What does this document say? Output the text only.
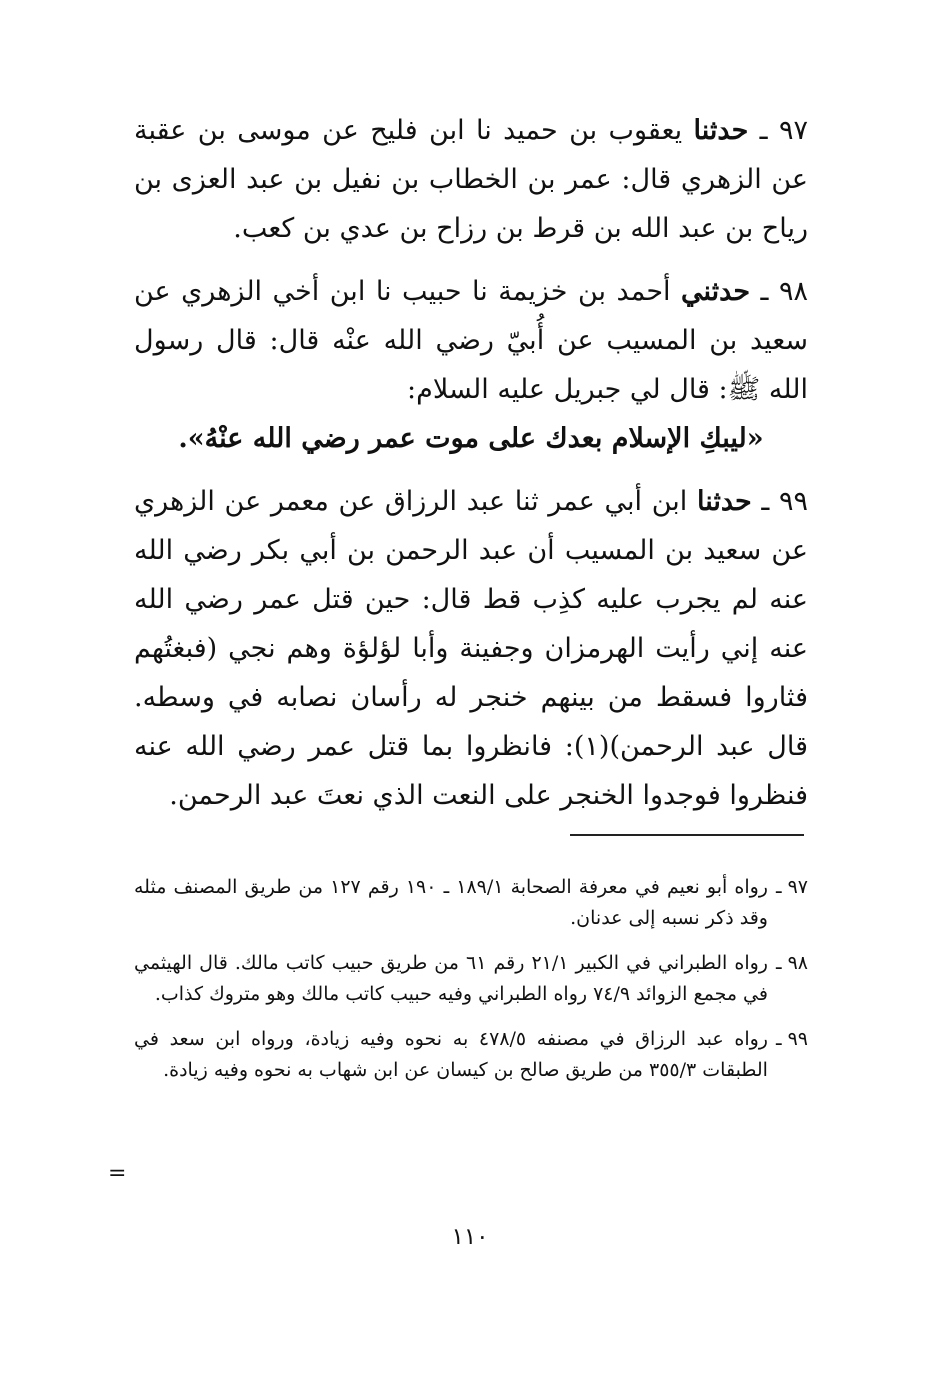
٩٧ ـ حدثنا يعقوب بن حميد نا ابن فليح عن موسى بن عقبة عن الزهري قال: عمر بن الخطاب بن نفيل بن عبد العزى بن رياح بن عبد الله بن قرط بن رزاح بن عدي بن كعب.

٩٨ ـ حدثني أحمد بن خزيمة نا حبيب نا ابن أخي الزهري عن سعيد بن المسيب عن أُبيّ رضي الله عنْه قال: قال رسول الله ﷺ: قال لي جبريل عليه السلام:

«ليبكِ الإسلام بعدك على موت عمر رضي الله عنْهُ».

٩٩ ـ حدثنا ابن أبي عمر ثنا عبد الرزاق عن معمر عن الزهري عن سعيد بن المسيب أن عبد الرحمن بن أبي بكر رضي الله عنه لم يجرب عليه كذِب قط قال: حين قتل عمر رضي الله عنه إني رأيت الهرمزان وجفينة وأبا لؤلؤة وهم نجي (فبغتُهم فثاروا فسقط من بينهم خنجر له رأسان نصابه في وسطه. قال عبد الرحمن)(١): فانظروا بما قتل عمر رضي الله عنه فنظروا فوجدوا الخنجر على النعت الذي نعتَ عبد الرحمن.

٩٧ ـ
رواه أبو نعيم في معرفة الصحابة ١٨٩/١ ـ ١٩٠ رقم ١٢٧ من طريق المصنف مثله وقد ذكر نسبه إلى عدنان.
٩٨ ـ
رواه الطبراني في الكبير ٢١/١ رقم ٦١ من طريق حبيب كاتب مالك. قال الهيثمي في مجمع الزوائد ٧٤/٩ رواه الطبراني وفيه حبيب كاتب مالك وهو متروك كذاب.
٩٩ ـ
رواه عبد الرزاق في مصنفه ٤٧٨/٥ به نحوه وفيه زيادة، ورواه ابن سعد في الطبقات ٣٥٥/٣ من طريق صالح بن كيسان عن ابن شهاب به نحوه وفيه زيادة.
=
١١٠
